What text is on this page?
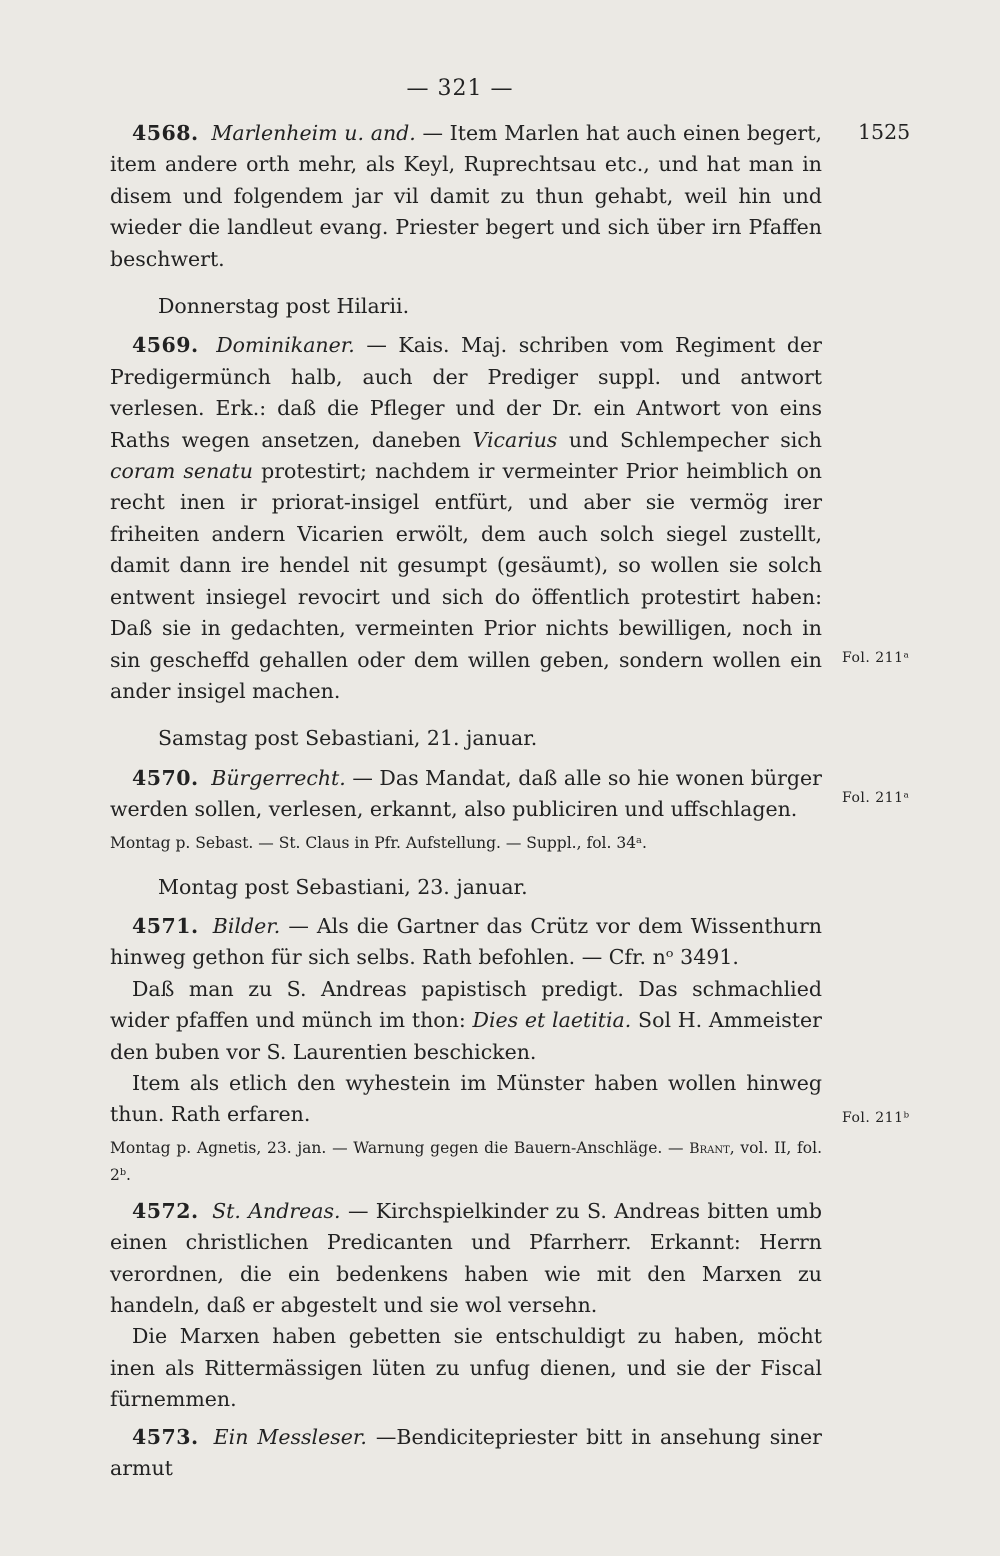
— 321 —
1525
Fol. 211ᵃ
Fol. 211ᵃ
Fol. 211ᵇ

4568. Marlenheim u. and. — Item Marlen hat auch einen begert, item andere orth mehr, als Keyl, Ruprechtsau etc., und hat man in disem und folgendem jar vil damit zu thun gehabt, weil hin und wieder die landleut evang. Priester begert und sich über irn Pfaffen beschwert.

Donnerstag post Hilarii.

4569. Dominikaner. — Kais. Maj. schriben vom Regiment der Predigermünch halb, auch der Prediger suppl. und antwort verlesen. Erk.: daß die Pfleger und der Dr. ein Antwort von eins Raths wegen ansetzen, daneben Vicarius und Schlempecher sich coram senatu protestirt; nachdem ir vermeinter Prior heimblich on recht inen ir priorat-insigel entfürt, und aber sie vermög irer friheiten andern Vicarien erwölt, dem auch solch siegel zustellt, damit dann ire hendel nit gesumpt (gesäumt), so wollen sie solch entwent insiegel revocirt und sich do öffentlich protestirt haben: Daß sie in gedachten, vermeinten Prior nichts bewilligen, noch in sin gescheffd gehallen oder dem willen geben, sondern wollen ein ander insigel machen.

Samstag post Sebastiani, 21. januar.

4570. Bürgerrecht. — Das Mandat, daß alle so hie wonen bürger werden sollen, verlesen, erkannt, also publiciren und uffschlagen.

Montag p. Sebast. — St. Claus in Pfr. Aufstellung. — Suppl., fol. 34ᵃ.

Montag post Sebastiani, 23. januar.

4571. Bilder. — Als die Gartner das Crütz vor dem Wissenthurn hinweg gethon für sich selbs. Rath befohlen. — Cfr. nᵒ 3491.

Daß man zu S. Andreas papistisch predigt. Das schmachlied wider pfaffen und münch im thon: Dies et laetitia. Sol H. Ammeister den buben vor S. Laurentien beschicken.

Item als etlich den wyhestein im Münster haben wollen hinweg thun. Rath erfaren.

Montag p. Agnetis, 23. jan. — Warnung gegen die Bauern-Anschläge. — Brant, vol. II, fol. 2ᵇ.

4572. St. Andreas. — Kirchspielkinder zu S. Andreas bitten umb einen christlichen Predicanten und Pfarrherr. Erkannt: Herrn verordnen, die ein bedenkens haben wie mit den Marxen zu handeln, daß er abgestelt und sie wol versehn.

Die Marxen haben gebetten sie entschuldigt zu haben, möcht inen als Rittermässigen lüten zu unfug dienen, und sie der Fiscal fürnemmen.

4573. Ein Messleser. —Bendicitepriester bitt in ansehung siner armut
